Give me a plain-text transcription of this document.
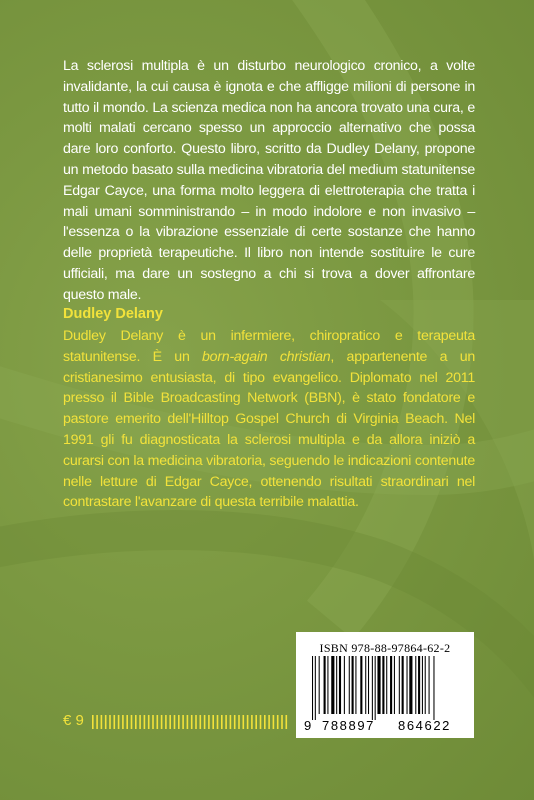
La sclerosi multipla è un disturbo neurologico cronico, a volte invalidante, la cui causa è ignota e che affligge milioni di persone in tutto il mondo. La scienza medica non ha ancora trovato una cura, e molti malati cercano spesso un approccio alternativo che possa dare loro conforto. Questo libro, scritto da Dudley Delany, propone un metodo basato sulla medicina vibratoria del medium statunitense Edgar Cayce, una forma molto leggera di elettroterapia che tratta i mali umani somministrando – in modo indolore e non invasivo – l'essenza o la vibrazione essenziale di certe sostanze che hanno delle proprietà terapeutiche. Il libro non intende sostituire le cure ufficiali, ma dare un sostegno a chi si trova a dover affrontare questo male.
Dudley Delany
Dudley Delany è un infermiere, chiropratico e terapeuta statunitense. È un born-again christian, appartenente a un cristianesimo entusiasta, di tipo evangelico. Diplomato nel 2011 presso il Bible Broadcasting Network (BBN), è stato fondatore e pastore emerito dell'Hilltop Gospel Church di Virginia Beach. Nel 1991 gli fu diagnosticata la sclerosi multipla e da allora iniziò a curarsi con la medicina vibratoria, seguendo le indicazioni contenute nelle letture di Edgar Cayce, ottenendo risultati straordinari nel contrastare l'avanzare di questa terribile malattia.
€ 9
ISBN 978-88-97864-62-2
9 788897 864622
